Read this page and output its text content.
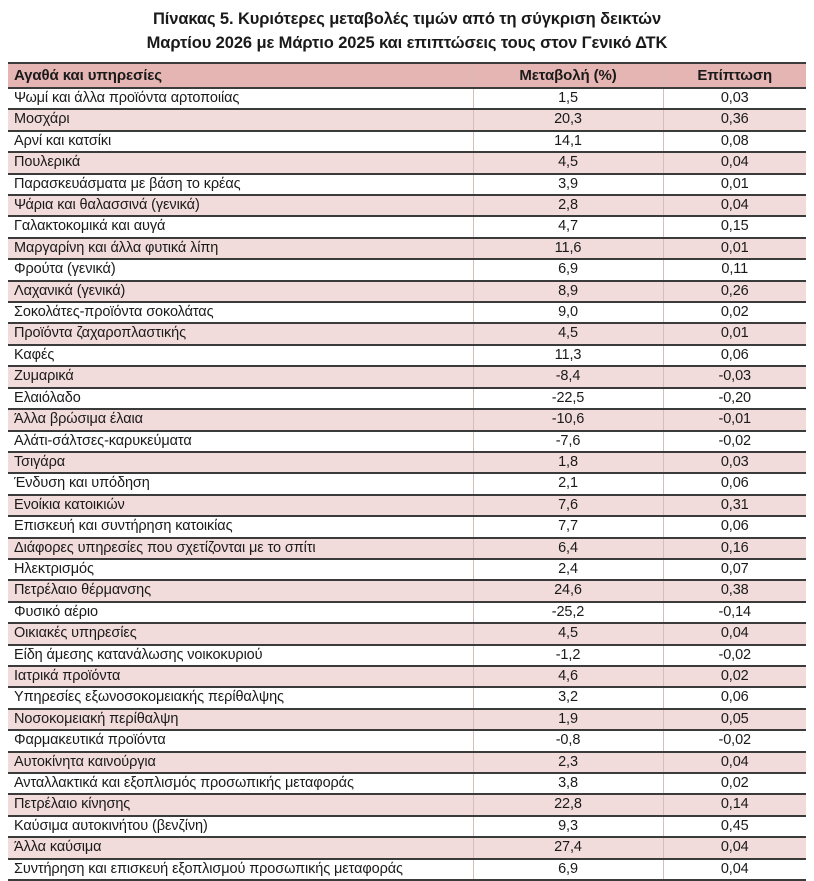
Πίνακας 5. Κυριότερες μεταβολές τιμών από τη σύγκριση δεικτών
Μαρτίου 2026 με Μάρτιο 2025 και επιπτώσεις τους στον Γενικό ΔΤΚ
Αγαθά και υπηρεσίες	Μεταβολή (%)	Επίπτωση
Ψωμί και άλλα προϊόντα αρτοποιίας	1,5	0,03
Μοσχάρι	20,3	0,36
Αρνί και κατσίκι	14,1	0,08
Πουλερικά	4,5	0,04
Παρασκευάσματα με βάση το κρέας	3,9	0,01
Ψάρια και θαλασσινά (γενικά)	2,8	0,04
Γαλακτοκομικά και αυγά	4,7	0,15
Μαργαρίνη και άλλα φυτικά λίπη	11,6	0,01
Φρούτα (γενικά)	6,9	0,11
Λαχανικά (γενικά)	8,9	0,26
Σοκολάτες-προϊόντα σοκολάτας	9,0	0,02
Προϊόντα ζαχαροπλαστικής	4,5	0,01
Καφές	11,3	0,06
Ζυμαρικά	-8,4	-0,03
Ελαιόλαδο	-22,5	-0,20
Άλλα βρώσιμα έλαια	-10,6	-0,01
Αλάτι-σάλτσες-καρυκεύματα	-7,6	-0,02
Τσιγάρα	1,8	0,03
Ένδυση και υπόδηση	2,1	0,06
Ενοίκια κατοικιών	7,6	0,31
Επισκευή και συντήρηση κατοικίας	7,7	0,06
Διάφορες υπηρεσίες που σχετίζονται με το σπίτι	6,4	0,16
Ηλεκτρισμός	2,4	0,07
Πετρέλαιο θέρμανσης	24,6	0,38
Φυσικό αέριο	-25,2	-0,14
Οικιακές υπηρεσίες	4,5	0,04
Είδη άμεσης κατανάλωσης νοικοκυριού	-1,2	-0,02
Ιατρικά προϊόντα	4,6	0,02
Υπηρεσίες εξωνοσοκομειακής περίθαλψης	3,2	0,06
Νοσοκομειακή περίθαλψη	1,9	0,05
Φαρμακευτικά προϊόντα	-0,8	-0,02
Αυτοκίνητα καινούργια	2,3	0,04
Ανταλλακτικά και εξοπλισμός προσωπικής μεταφοράς	3,8	0,02
Πετρέλαιο κίνησης	22,8	0,14
Καύσιμα αυτοκινήτου (βενζίνη)	9,3	0,45
Άλλα καύσιμα	27,4	0,04
Συντήρηση και επισκευή εξοπλισμού προσωπικής μεταφοράς	6,9	0,04
